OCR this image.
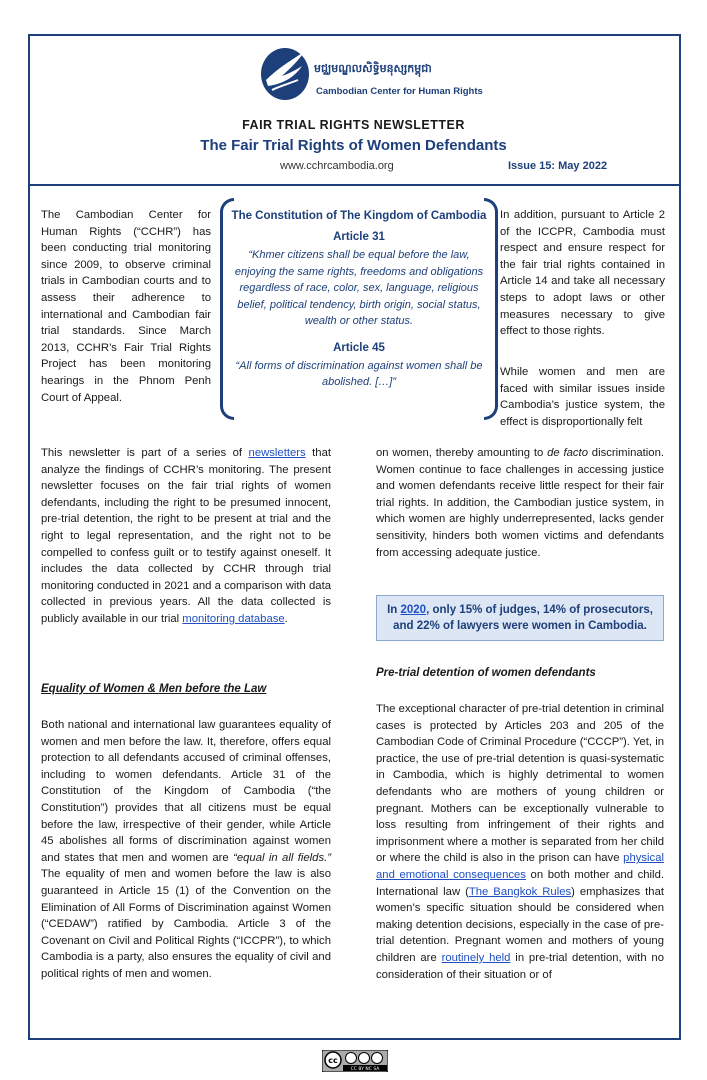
មជ្ឈមណ្ឌលសិទ្ធិមនុស្សកម្ពុជា
Cambodian Center for Human Rights
FAIR TRIAL RIGHTS NEWSLETTER
The Fair Trial Rights of Women Defendants
www.cchrcambodia.org	Issue 15: May 2022

The Cambodian Center for Human Rights (“CCHR”) has been conducting trial monitoring since 2009, to observe criminal trials in Cambodian courts and to assess their adherence to international and Cambodian fair trial standards. Since March 2013, CCHR’s Fair Trial Rights Project has been monitoring hearings in the Phnom Penh Court of Appeal.

The Constitution of The Kingdom of Cambodia

Article 31

“Khmer citizens shall be equal before the law, enjoying the same rights, freedoms and obligations regardless of race, color, sex, language, religious belief, political tendency, birth origin, social status, wealth or other status.

Article 45

“All forms of discrimination against women shall be abolished. […]”

In addition, pursuant to Article 2 of the ICCPR, Cambodia must respect and ensure respect for the fair trial rights contained in Article 14 and take all necessary steps to adopt laws or other measures necessary to give effect to those rights.

While women and men are faced with similar issues inside Cambodia’s justice system, the effect is disproportionally felt

This newsletter is part of a series of newsletters that analyze the findings of CCHR’s monitoring. The present newsletter focuses on the fair trial rights of women defendants, including the right to be presumed innocent, pre-trial detention, the right to be present at trial and the right to legal representation, and the right not to be compelled to confess guilt or to testify against oneself. It includes the data collected by CCHR through trial monitoring conducted in 2021 and a comparison with data collected in previous years. All the data collected is publicly available in our trial monitoring database.

Equality of Women & Men before the Law

Both national and international law guarantees equality of women and men before the law. It, therefore, offers equal protection to all defendants accused of criminal offenses, including to women defendants. Article 31 of the Constitution of the Kingdom of Cambodia (“the Constitution”) provides that all citizens must be equal before the law, irrespective of their gender, while Article 45 abolishes all forms of discrimination against women and states that men and women are “equal in all fields.” The equality of men and women before the law is also guaranteed in Article 15 (1) of the Convention on the Elimination of All Forms of Discrimination against Women (“CEDAW”) ratified by Cambodia. Article 3 of the Covenant on Civil and Political Rights (“ICCPR”), to which Cambodia is a party, also ensures the equality of civil and political rights of men and women.

on women, thereby amounting to de facto discrimination. Women continue to face challenges in accessing justice and women defendants receive little respect for their fair trial rights. In addition, the Cambodian justice system, in which women are highly underrepresented, lacks gender sensitivity, hinders both women victims and defendants from accessing adequate justice.

In 2020, only 15% of judges, 14% of prosecutors, and 22% of lawyers were women in Cambodia.
Pre-trial detention of women defendants

The exceptional character of pre-trial detention in criminal cases is protected by Articles 203 and 205 of the Cambodian Code of Criminal Procedure (“CCCP”). Yet, in practice, the use of pre-trial detention is quasi-systematic in Cambodia, which is highly detrimental to women defendants who are mothers of young children or pregnant. Mothers can be exceptionally vulnerable to loss resulting from infringement of their rights and imprisonment where a mother is separated from her child or where the child is also in the prison can have physical and emotional consequences on both mother and child. International law (The Bangkok Rules) emphasizes that women’s specific situation should be considered when making detention decisions, especially in the case of pre-trial detention. Pregnant women and mothers of young children are routinely held in pre-trial detention, with no consideration of their situation or of

cc
CC BY NC SA
